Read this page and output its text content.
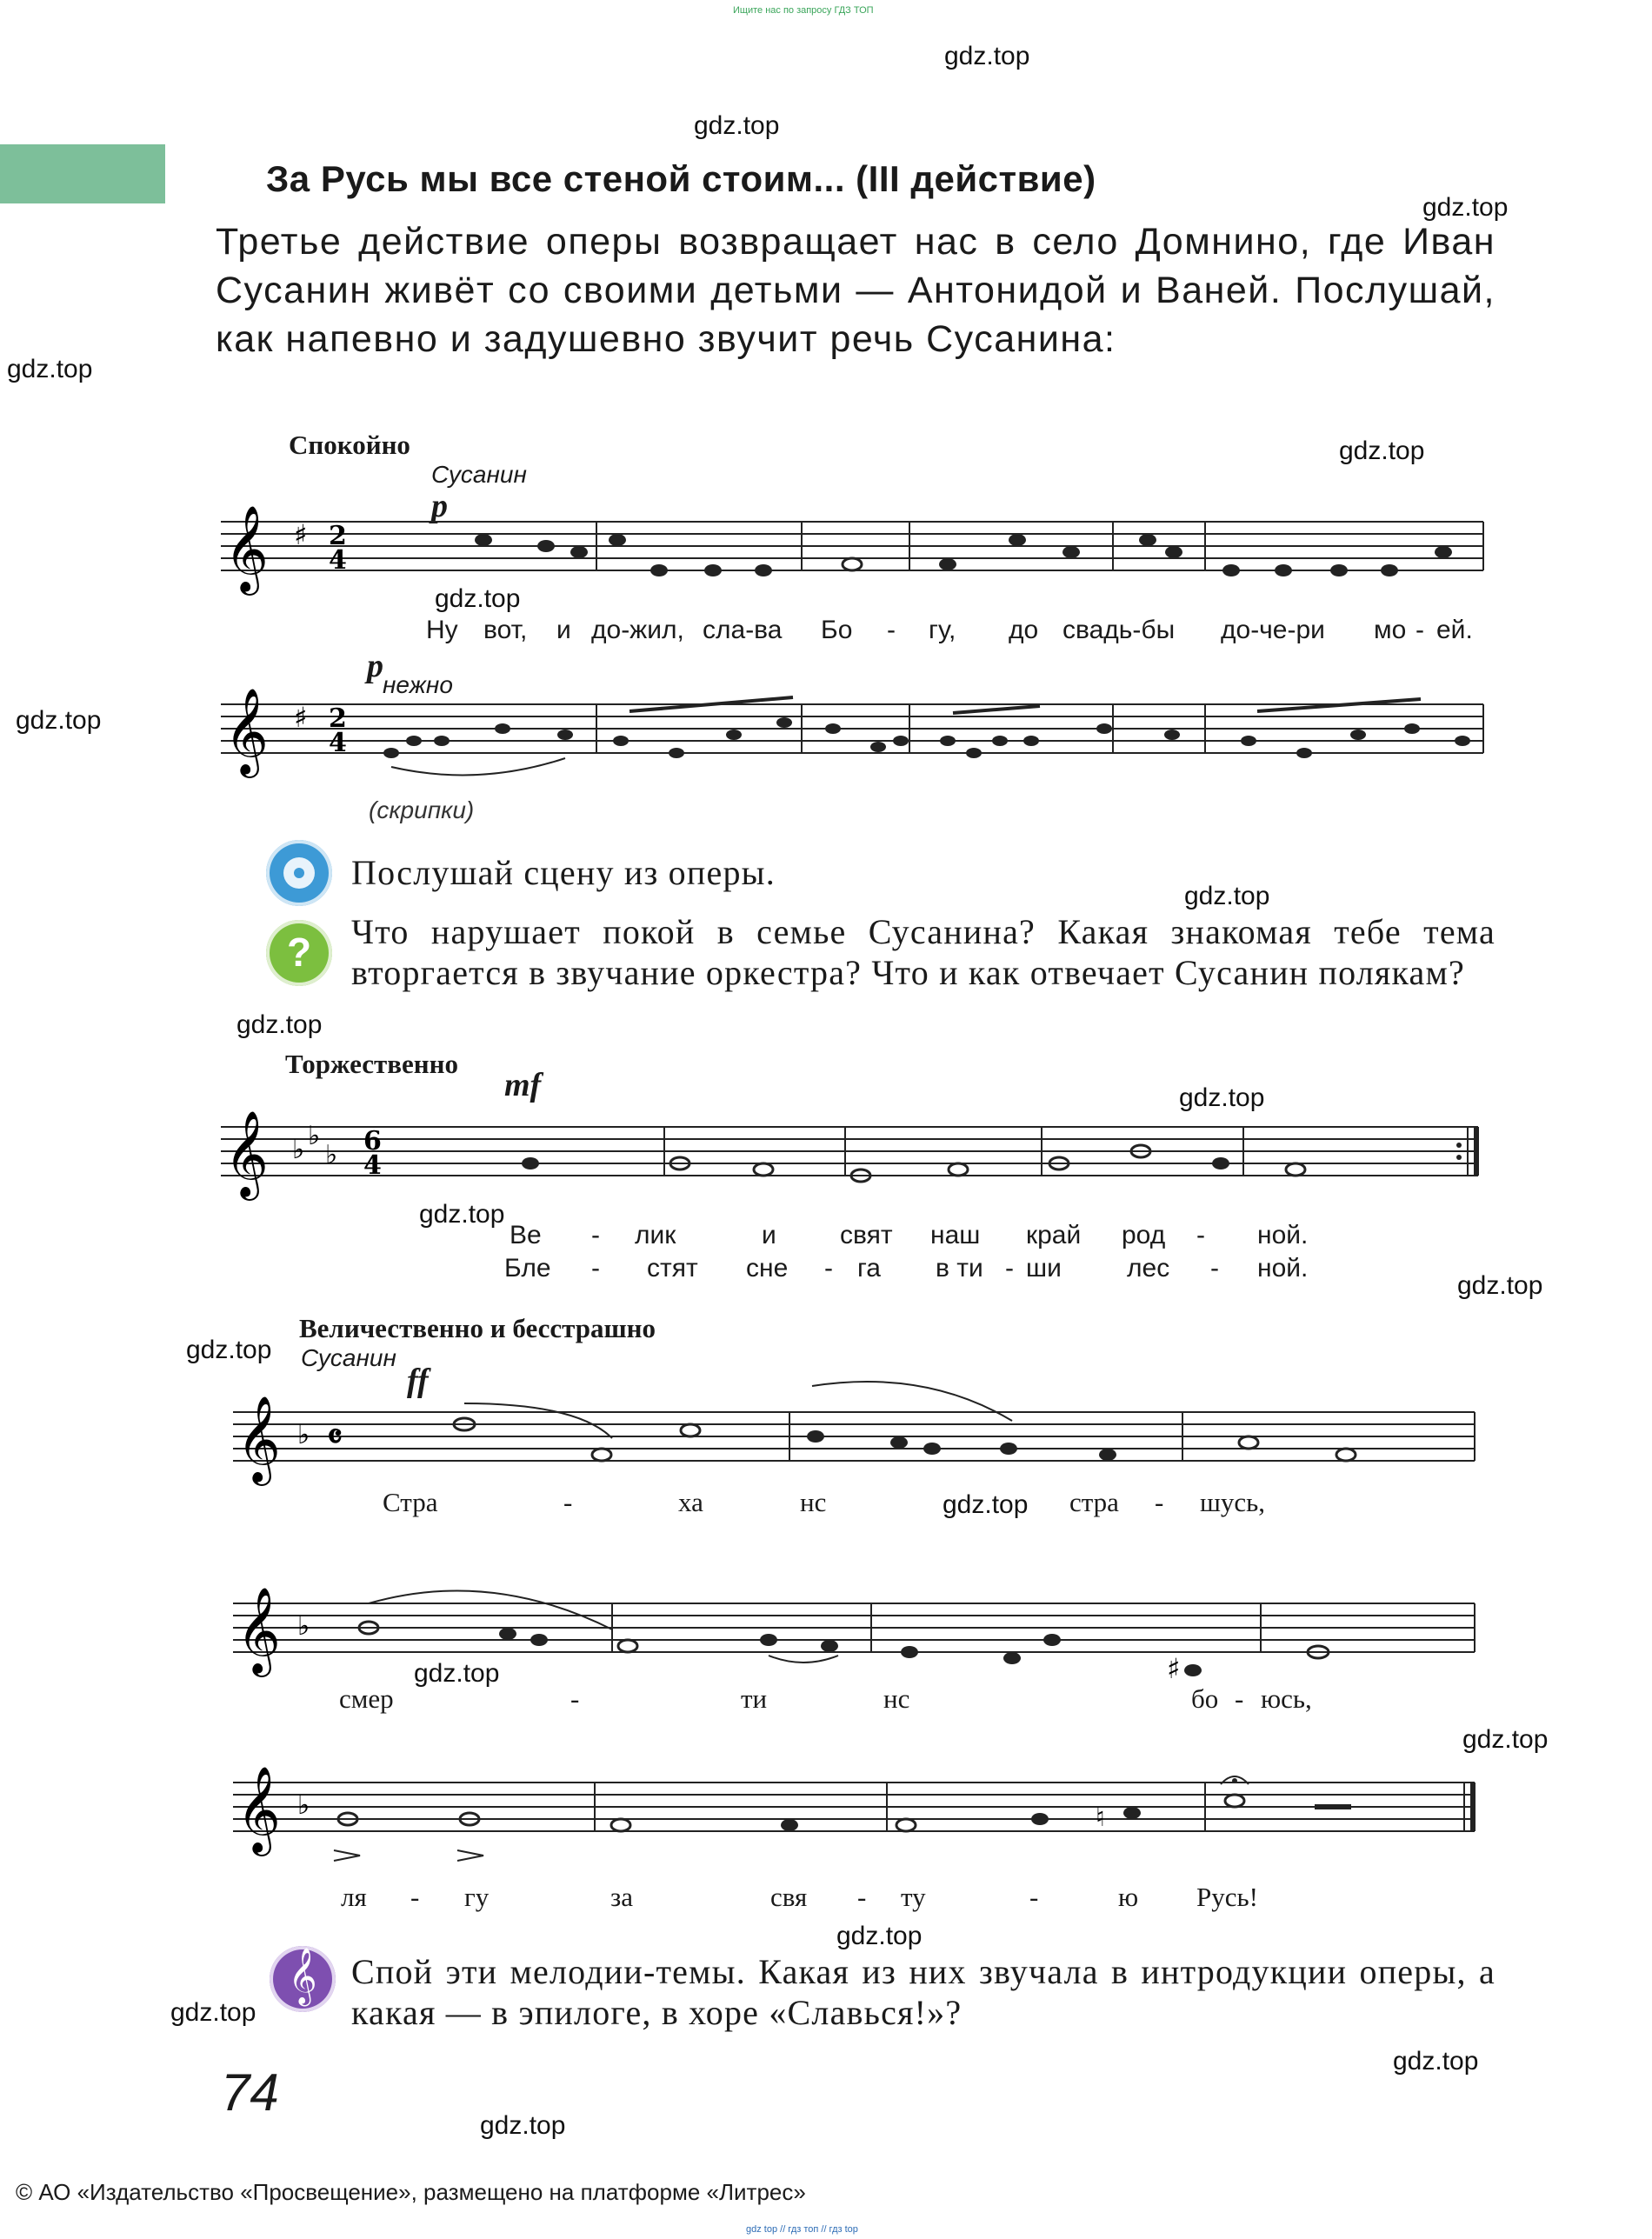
Ищите нас по запросу ГДЗ ТОП
За Русь мы все стеной стоим... (III действие)
Третье действие оперы возвращает нас в село Домнино, где Иван Сусанин живёт со своими детьми — Антонидой и Ваней. Послушай, как напевно и задушевно звучит речь Сусанина:
Спокойно
Сусанин
p
𝄞 ♯ 2
4
Ну вот, и до-жил, сла-ва Бо - гу, до свадь-бы до-че-ри мо - ей.
p
нежно
𝄞 ♯ 2
4
(скрипки)
Послушай сцену из оперы.
?	Что нарушает покой в семье Сусанина? Какая знакомая тебе тема вторгается в звучание оркестра? Что и как отвечает Сусанин полякам?
Торжественно
mf
𝄞 ♭ ♭
♭ 6
4
Ве - лик	и свят наш край род - ной.
Бле - стят сне - га в ти - ши	лес - ной.
Величественно и бесстрашно
Сусанин
ff
𝄞 ♭ 𝄴
Стра	-	ха	нс	стра - шусь,
𝄞 ♭
♯
смер	-	ти	нс	бо - юсь,
𝄞 ♭	♮
ля - гу	за	свя - ту	-	ю Русь!
𝄞 Спой эти мелодии-темы. Какая из них звучала в интродукции оперы, а какая — в эпилоге, в хоре «Славься!»?
74
© АО «Издательство «Просвещение», размещено на платформе «Литрес»
gdz top // гдз топ // гдз top
gdz.top
gdz.top
gdz.top
gdz.top
gdz.top
gdz.top
gdz.top
gdz.top
gdz.top
gdz.top
gdz.top
gdz.top
gdz.top
gdz.top
gdz.top
gdz.top
gdz.top
gdz.top
gdz.top
gdz.top
